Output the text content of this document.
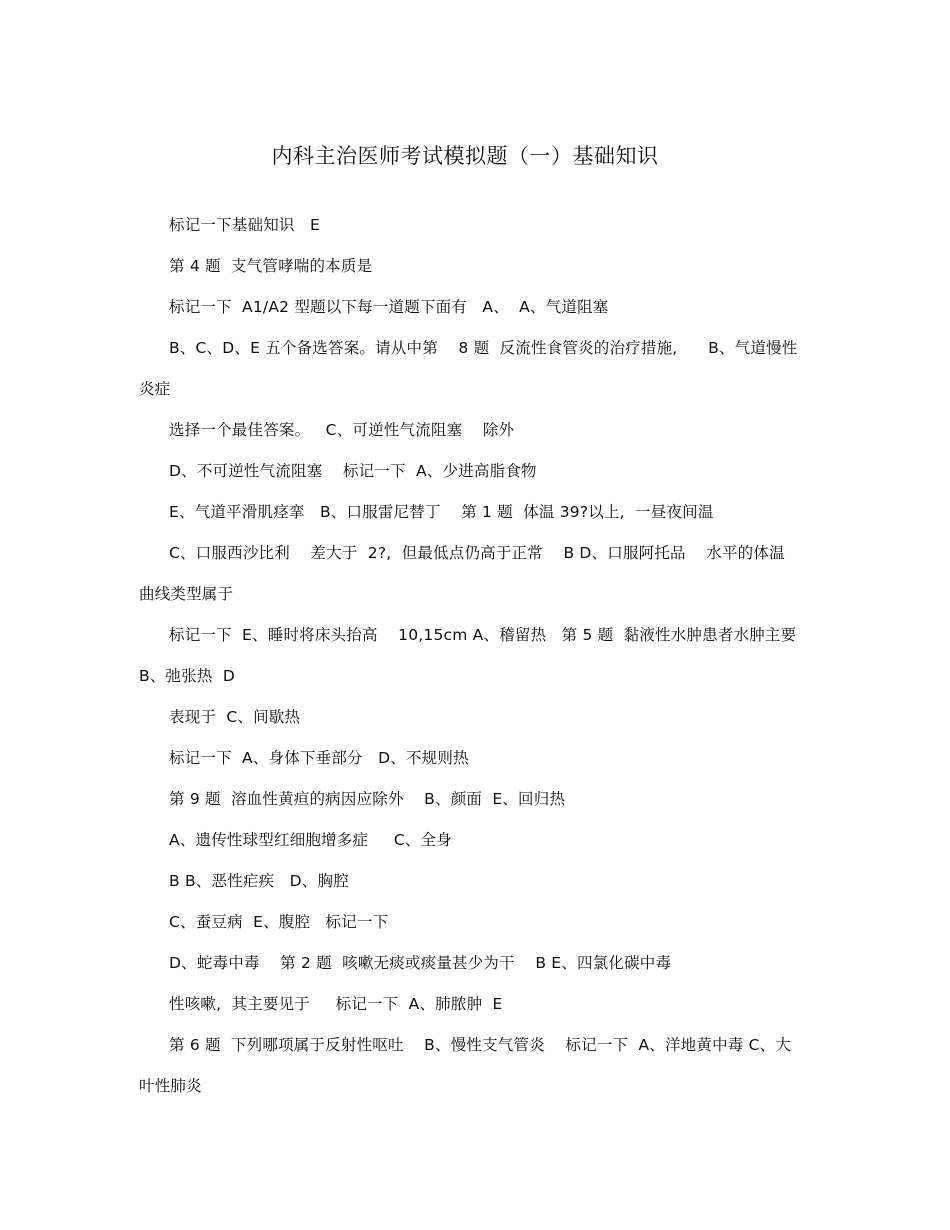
内科主治医师考试模拟题（一）基础知识

标记一下基础知识   E

第 4 题  支气管哮喘的本质是

标记一下  A1/A2 型题以下每一道题下面有   A、  A、气道阻塞

B、C、D、E 五个备选答案。请从中第    8 题  反流性食管炎的治疗措施,      B、气道慢性炎症

选择一个最佳答案。   C、可逆性气流阻塞    除外

D、不可逆性气流阻塞    标记一下  A、少进高脂食物

E、气道平滑肌痉挛   B、口服雷尼替丁    第 1 题  体温 39?以上,  一昼夜间温

C、口服西沙比利    差大于  2?,  但最低点仍高于正常    B D、口服阿托品    水平的体温曲线类型属于

标记一下  E、睡时将床头抬高    10,15cm A、稽留热   第 5 题  黏液性水肿患者水肿主要  B、弛张热  D

表现于  C、间歇热

标记一下  A、身体下垂部分   D、不规则热

第 9 题  溶血性黄疸的病因应除外    B、颜面  E、回归热

A、遗传性球型红细胞增多症     C、全身

B B、恶性疟疾   D、胸腔

C、蚕豆病  E、腹腔   标记一下

D、蛇毒中毒    第 2 题  咳嗽无痰或痰量甚少为干    B E、四氯化碳中毒

性咳嗽,  其主要见于     标记一下  A、肺脓肿  E

第 6 题  下列哪项属于反射性呕吐    B、慢性支气管炎    标记一下  A、洋地黄中毒 C、大叶性肺炎
